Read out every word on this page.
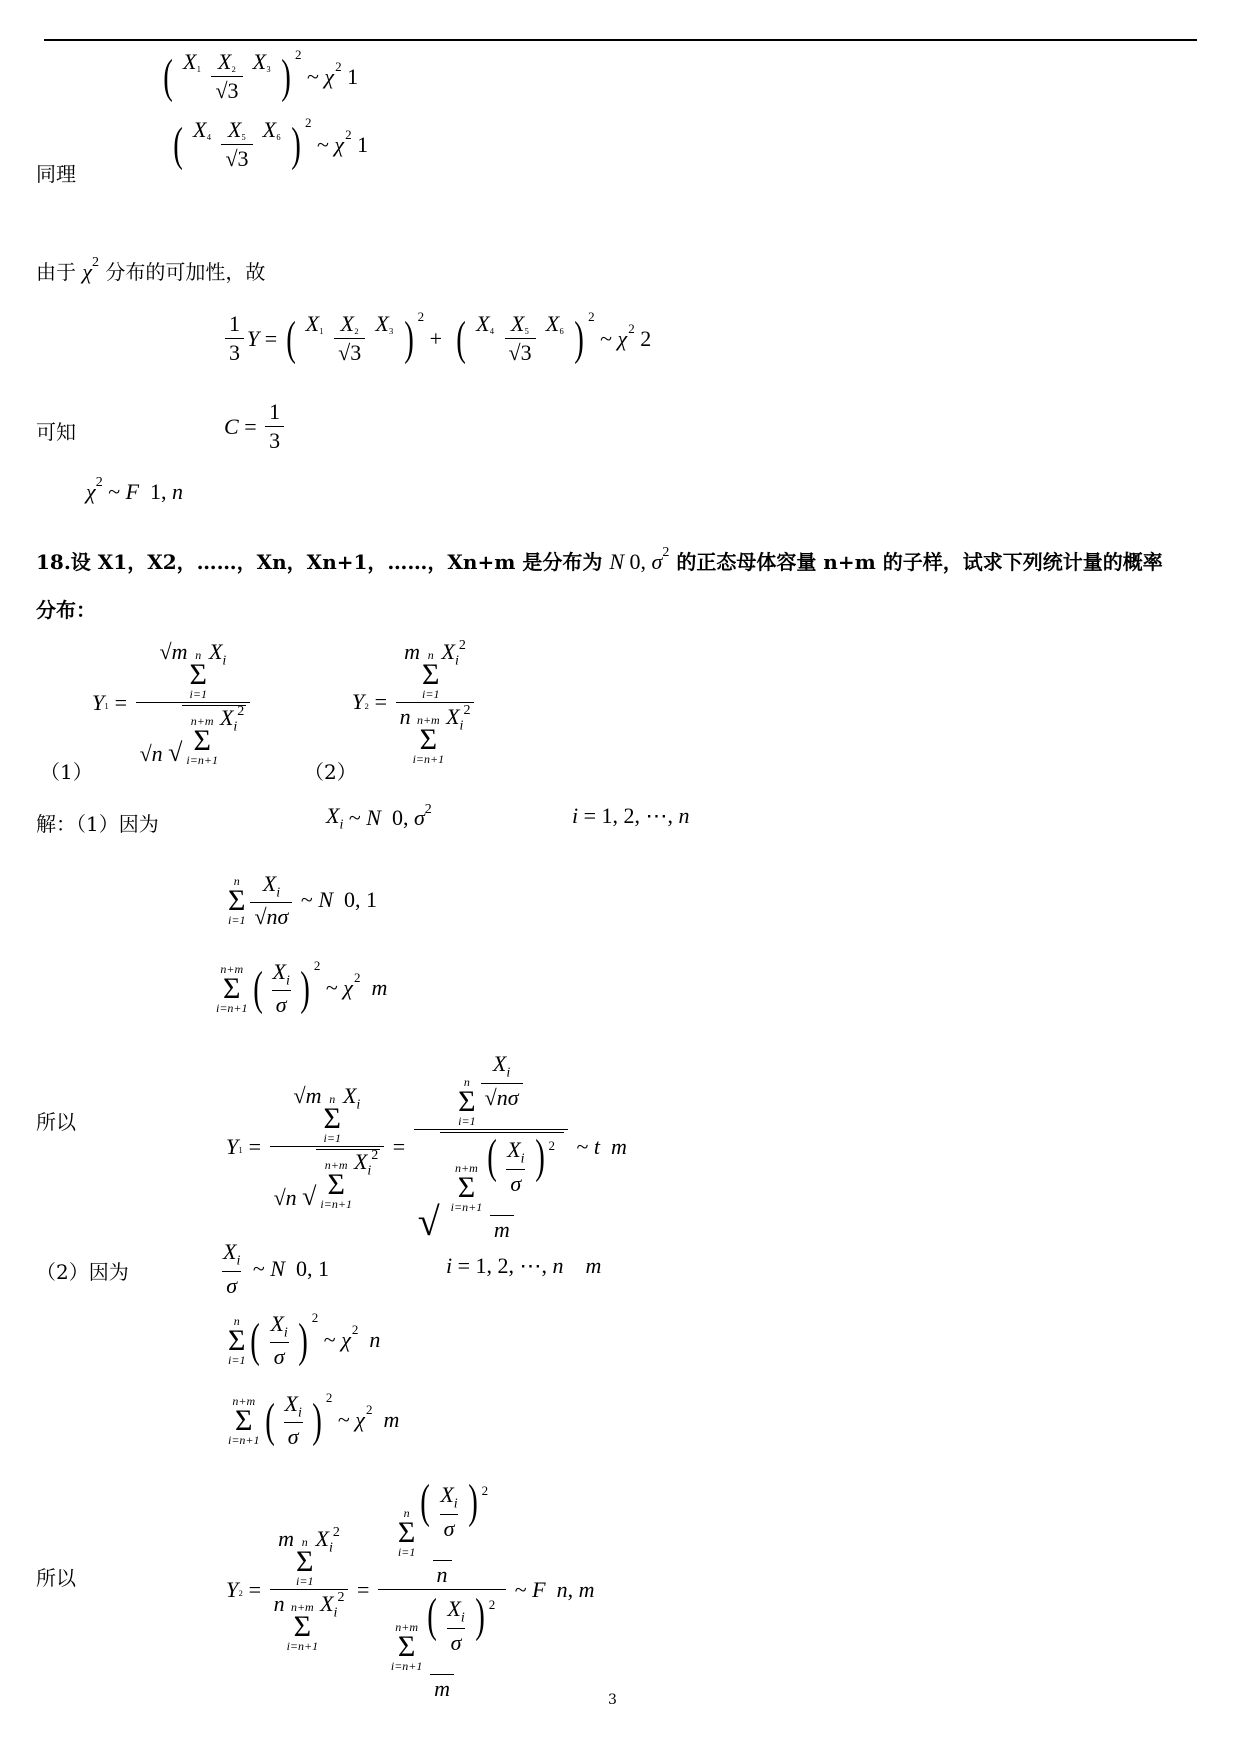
( $\frac{\text{X₁ X₂ X₃}}{√3}$ ) 2
~ χ 2 1
同理
( $\frac{\text{X₄ X₅ X₆}}{√3}$ ) 2
~ χ 2 1
由于 χ 2 分布的可加性，故
$\frac{1}{3}$ Y = ( $\frac{\text{X₁ X₂ X₃}}{√3}$ ) 2
+ ( $\frac{\text{X₄ X₅ X₆}}{√3}$ ) 2
~ χ 2 2
可知	$C = \frac{1}{3}$
χ 2 ~ F 1, n
18.设 X1，X2，……，Xn，Xn+1，……，Xn+m 是分布为 N 0, σ 2 的正态母体容量 n+m 的子样，试求下列统计量的概率
分布：
（1）
Y ₁ = √m n
Σ
i=1
$X_i$
√n √
n+m
Σ
i=n+1
$X_i^2$
（2）
Y ₂ = m n
Σ
i=1
$X_i^2$
n n+m
Σ
i=n+1
$X_i^2$
解：（1）因为	$X_i$ ~ N 0, σ 2	i = 1, 2, ⋯, n
n
Σ
$i=1 \frac{X_i}{√n\sigma}$ ~ N 0, 1
n+m
Σ
i=n+1 ( $\frac{X_i}{\sigma}$ ) 2
~ χ 2
m
所以
Y ₁ = √m n
Σ
i=1
$X_i$
√n √
n+m
Σ
i=n+1
$X_i^2 = n$
Σ
i=1
$\frac{X_i}{√n\sigma}$
√ n+m
Σ
i=n+1
( $\frac{X_i}{\sigma}$ ) $^2$
m ~ t
m
（2）因为	$\frac{X_i}{\sigma}$ ~ N 0, 1	i = 1, 2, ⋯, n
m
n
Σ
i=1 ( $\frac{X_i}{\sigma}$ ) 2
~ χ 2
n
n+m
Σ
i=n+1 ( $\frac{X_i}{\sigma}$ ) 2
~ χ 2
m
所以	Y ₂ = m n
Σ
i=1
$X_i^2$
n n+m
Σ
i=n+1
$X_i^2 = n$
Σ
i=1
( $\frac{X_i}{\sigma}$ ) $^2$
n
n+m
Σ
i=n+1
( $\frac{X_i}{\sigma}$ ) $^2$
m ~ F
n , m
3
